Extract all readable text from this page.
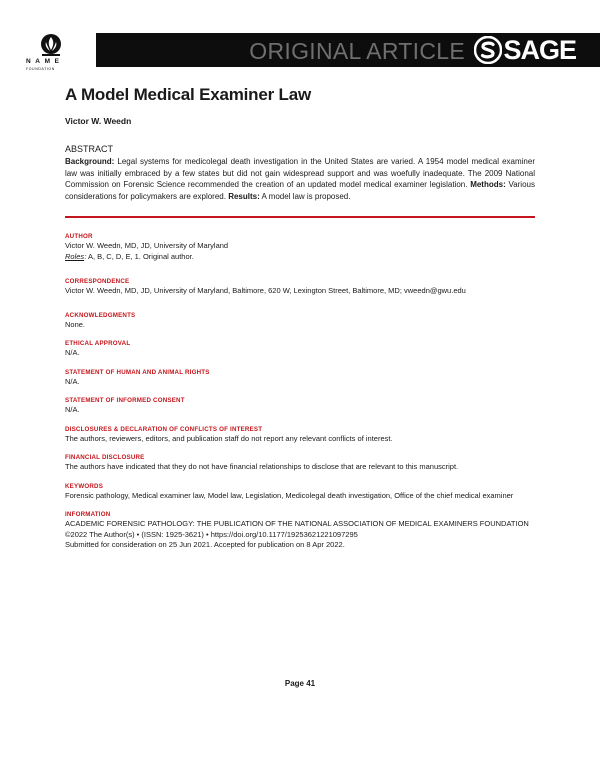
NAME
FOUNDATION
ORIGINAL ARTICLE SAGE
A Model Medical Examiner Law
Victor W. Weedn
ABSTRACT
Background: Legal systems for medicolegal death investigation in the United States are varied. A 1954 model medical examiner law was initially embraced by a few states but did not gain widespread support and was woefully inadequate. The 2009 National Commission on Forensic Science recommended the creation of an updated model medical examiner legislation. Methods: Various considerations for policymakers are explored. Results: A model law is proposed.
AUTHOR
Victor W. Weedn, MD, JD, University of Maryland
Roles: A, B, C, D, E, 1. Original author.
CORRESPONDENCE
Victor W. Weedn, MD, JD, University of Maryland, Baltimore, 620 W, Lexington Street, Baltimore, MD; vweedn@gwu.edu
ACKNOWLEDGMENTS
None.
ETHICAL APPROVAL
N/A.
STATEMENT OF HUMAN AND ANIMAL RIGHTS
N/A.
STATEMENT OF INFORMED CONSENT
N/A.
DISCLOSURES & DECLARATION OF CONFLICTS OF INTEREST
The authors, reviewers, editors, and publication staff do not report any relevant conflicts of interest.
FINANCIAL DISCLOSURE
The authors have indicated that they do not have financial relationships to disclose that are relevant to this manuscript.
KEYWORDS
Forensic pathology, Medical examiner law, Model law, Legislation, Medicolegal death investigation, Office of the chief medical examiner
INFORMATION
ACADEMIC FORENSIC PATHOLOGY: THE PUBLICATION OF THE NATIONAL ASSOCIATION OF MEDICAL EXAMINERS FOUNDATION
©2022 The Author(s) • (ISSN: 1925-3621) • https://doi.org/10.1177/19253621221097295
Submitted for consideration on 25 Jun 2021. Accepted for publication on 8 Apr 2022.
Page 41
